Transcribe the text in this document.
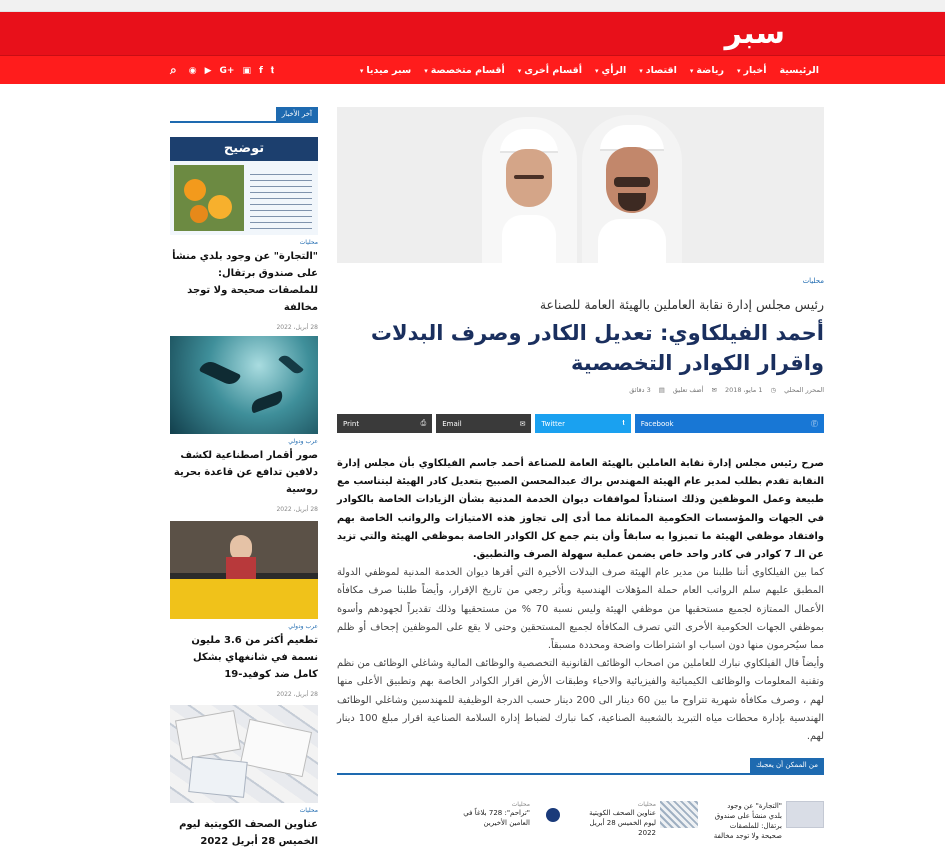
سبر
الرئيسية
أخبار▾
رياضة▾
اقتصاد▾
الرأي▾
أقسام أخرى▾
أقسام متخصصة▾
سبر ميديا▾
⌕ ◉ ▶ G+ ▣ f 𝐭
محليات
رئيس مجلس إدارة نقابة العاملين بالهيئة العامة للصناعة
أحمد الفيلكاوي: تعديل الكادر وصرف البدلات واقرار الكوادر التخصصية
المحرر المحلي
◷
1 مايو، 2018
✉
أضف تعليق
▤
3 دقائق
Ⓕ
Facebook
𝐭
Twitter
✉
Email
⎙
Print

صرح رئيس مجلس إدارة نقابة العاملين بالهيئة العامة للصناعة أحمد جاسم الفيلكاوي بأن مجلس إدارة النقابة تقدم بطلب لمدير عام الهيئة المهندس براك عبدالمحسن الصبيح بتعديل كادر الهيئة ليتناسب مع طبيعة وعمل الموظفين وذلك استناداً لموافقات ديوان الخدمة المدنية بشأن الزيادات الخاصة بالكوادر في الجهات والمؤسسات الحكومية المماثلة مما أدى إلى تجاوز هذه الامتيازات والرواتب الخاصة بهم وافتقاد موظفي الهيئة ما تميزوا به سابقاً وأن يتم جمع كل الكوادر الخاصة بموظفي الهيئة والتي تزيد عن الـ 7 كوادر في كادر واحد خاص يضمن عملية سهولة الصرف والتطبيق.

كما بين الفيلكاوي أننا طلبنا من مدير عام الهيئة صرف البدلات الأخيرة التي أقرها ديوان الخدمة المدنية لموظفي الدولة المطبق عليهم سلم الرواتب العام حملة المؤهلات الهندسية وبأثر رجعي من تاريخ الإقرار، وأيضاً طلبنا صرف مكافأة الأعمال الممتازة لجميع مستحقيها من موظفي الهيئة وليس نسبة 70 % من مستحقيها وذلك تقديراً لجهودهم وأسوة بموظفي الجهات الحكومية الأخرى التي تصرف المكافأة لجميع المستحقين وحتى لا يقع على الموظفين إجحاف أو ظلم مما سيُحرمون منها دون اسباب او اشتراطات واضحة ومحددة مسبقاً.

وأيضاً قال الفيلكاوي نبارك للعاملين من اصحاب الوظائف القانونية التخصصية والوظائف المالية وشاغلي الوظائف من نظم وتقنية المعلومات والوظائف الكيميائية والفيزيائية والاحياء وطبقات الأرض اقرار الكوادر الخاصة بهم وتطبيق الأعلى منها لهم ، وصرف مكافأة شهرية تتراوح ما بين 60 دينار الى 200 دينار حسب الدرجة الوظيفية للمهندسين وشاغلي الوظائف الهندسية بإدارة محطات مياه التبريد بالشعيبة الصناعية، كما نبارك لضباط إدارة السلامة الصناعية اقرار مبلغ 100 دينار لهم.

من الممكن أن يعجبك
"التجارة" عن وجود بلدي منشأ على صندوق برتقال: للملصقات صحيحة ولا توجد مخالفة
محليات
عناوين الصحف الكويتية ليوم الخميس 28 أبريل 2022
محليات
"تراحم": 728 بلاغاً في العامين الأخيرين
آخر الأخبار
توضيح
محليات
"التجارة" عن وجود بلدي منشأ على صندوق برتقال: للملصقات صحيحة ولا توجد مخالفة
28 أبريل، 2022
عرب ودولي
صور أقمار اصطناعية لكشف دلافين تدافع عن قاعدة بحرية روسية
28 أبريل، 2022
عرب ودولي
تطعيم أكثر من 3.6 مليون نسمة في شانغهاي بشكل كامل ضد كوفيد-19
28 أبريل، 2022
محليات
عناوين الصحف الكويتية ليوم الخميس 28 أبريل 2022
